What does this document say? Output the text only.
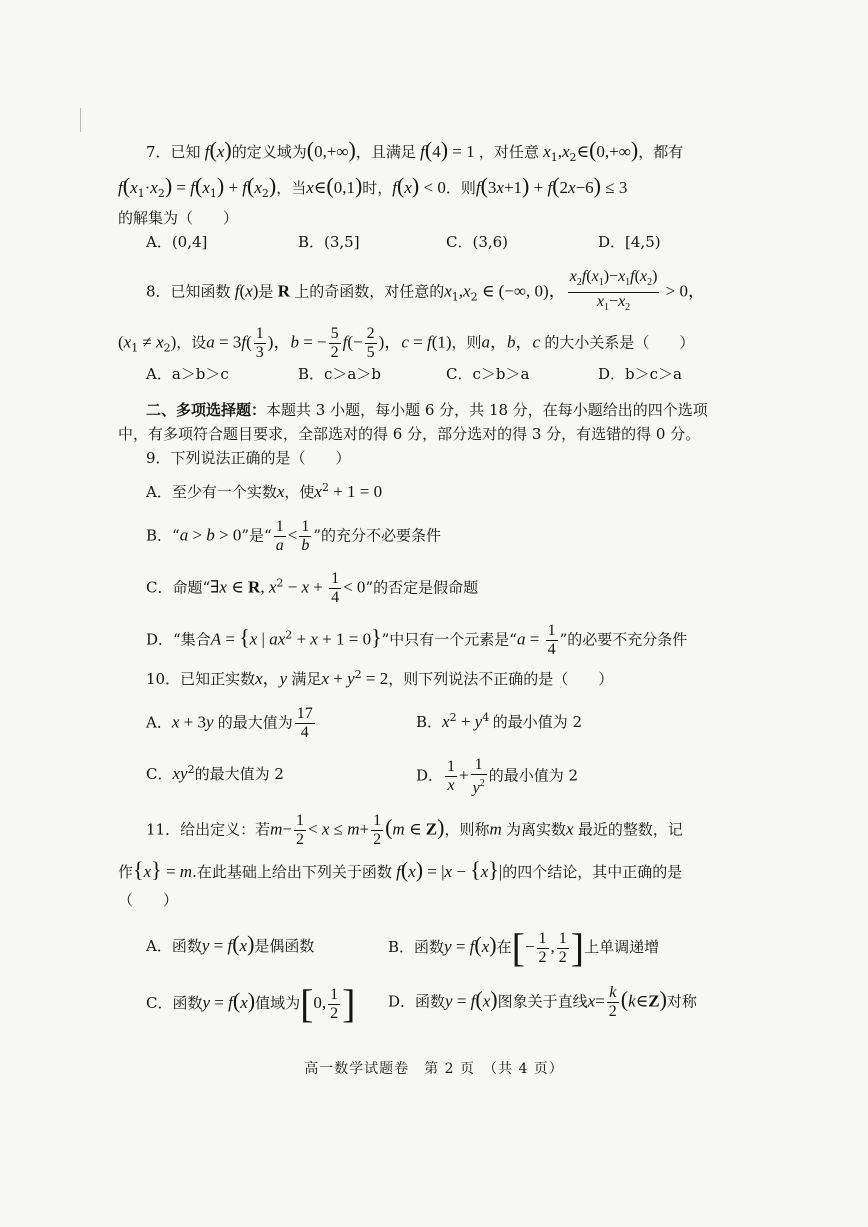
7．已知 f(x)的定义域为(0,+∞)，且满足 f(4) = 1 ，对任意 $x_1,x_2\in(0,+\infty)$，都有
$f(x_1\cdot x_2) = f(x_1) + f(x_2)$，当x∈(0,1)时，f(x) < 0．则f(3x+1) + f(2x−6) ≤ 3
的解集为（　　）
A．(0,4]	B．(3,5]	C．(3,6)	D．[4,5)
8．已知函数 f(x)是 R 上的奇函数，对任意的$x_1,x_2$ ∈ (−∞, 0)， $\frac{x_2f(x_1)-x_1f(x_2)}{x_1-x_2} > 0$，
$(x_1 \ne x_2)$，设$a = 3f( \frac{1}{3}$ )，b = − $\frac{5}{2} f(- \frac{2}{5}$ )，c = f(1)，则a，b，c 的大小关系是（　　）
A．a＞b＞c	B．c＞a＞b	C．c＞b＞a	D．b＞c＞a
二、多项选择题：本题共 3 小题，每小题 6 分，共 18 分，在每小题给出的四个选项
中，有多项符合题目要求，全部选对的得 6 分，部分选对的得 3 分，有选错的得 0 分。
9．下列说法正确的是（　　）
A．至少有一个实数x，使$x^2 + 1 = 0$
B．“a > b > 0”是“ $\frac{1}{a} < \frac{1}{b}$ ”的充分不必要条件
C．命题“∃x ∈ R, $x^2 - x + \frac{1}{4} < 0$”的否定是假命题
D．“集合A = {x | $ax^2 + x + 1 = 0$}”中只有一个元素是“$a = \frac{1}{4}$ ”的必要不充分条件
10．已知正实数x，y 满足$x + y^2 = 2$，则下列说法不正确的是（　　）
A．x + 3y 的最大值为 $\frac{17}{4}$	B．$x^2 + y^4$ 的最小值为 2
C．$xy^2$的最大值为 2	D． $\frac{1}{x} + \frac{1}{y^2}$ 的最小值为 2
11．给出定义：若$m- \frac{1}{2} < x \le m+ \frac{1}{2} (m$ ∈ Z)，则称m 为离实数x 最近的整数，记
作{x} = m.在此基础上给出下列关于函数 f(x) = |x − {x}|的四个结论，其中正确的是
（　　）
A．函数y = f(x)是偶函数	B．函数y = f(x)在[− $\frac{1}{2}$ , $\frac{1}{2}$ ]上单调递增
C．函数y = f(x)值域为[0, $\frac{1}{2}$ ] D．函数y = f(x)图象关于直线$x= \frac{k}{2}$ (k∈Z)对称
高一数学试题卷　第 2 页　（共 4 页）
